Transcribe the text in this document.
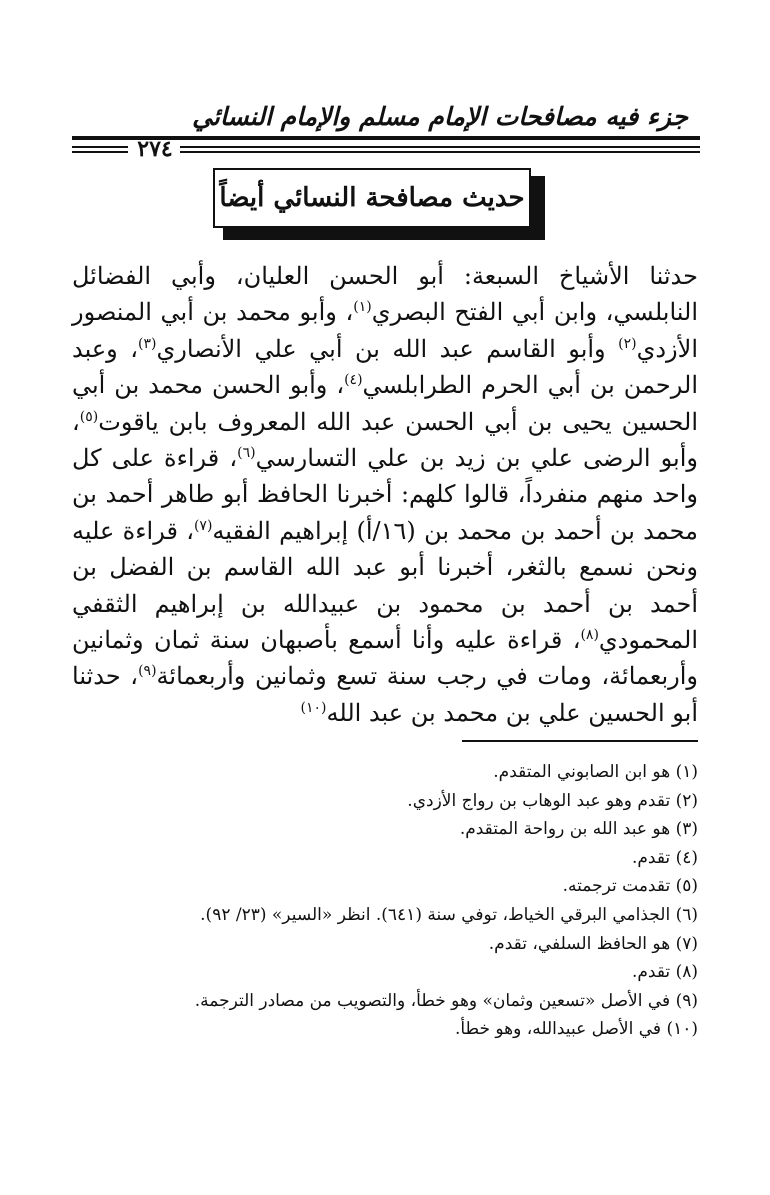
جزء فيه مصافحات الإمام مسلم والإمام النسائي
٢٧٤
حديث مصافحة النسائي أيضاً
حدثنا الأشياخ السبعة: أبو الحسن العليان، وأبي الفضائل النابلسي، وابن أبي الفتح البصري$^{(١)}$، وأبو محمد بن أبي المنصور الأزدي$^{(٢)}$ وأبو القاسم عبد الله بن أبي علي الأنصاري$^{(٣)}$، وعبد الرحمن بن أبي الحرم الطرابلسي$^{(٤)}$، وأبو الحسن محمد بن أبي الحسين يحيى بن أبي الحسن عبد الله المعروف بابن ياقوت$^{(٥)}$، وأبو الرضى علي بن زيد بن علي التسارسي$^{(٦)}$، قراءة على كل واحد منهم منفرداً، قالوا كلهم: أخبرنا الحافظ أبو طاهر أحمد بن محمد بن أحمد بن محمد بن (١٦/أ) إبراهيم الفقيه$^{(٧)}$، قراءة عليه ونحن نسمع بالثغر، أخبرنا أبو عبد الله القاسم بن الفضل بن أحمد بن أحمد بن محمود بن عبيدالله بن إبراهيم الثقفي المحمودي$^{(٨)}$، قراءة عليه وأنا أسمع بأصبهان سنة ثمان وثمانين وأربعمائة، ومات في رجب سنة تسع وثمانين وأربعمائة$^{(٩)}$، حدثنا أبو الحسين علي بن محمد بن عبد الله$^{(١٠)}$
(١) هو ابن الصابوني المتقدم.
(٢) تقدم وهو عبد الوهاب بن رواج الأزدي.
(٣) هو عبد الله بن رواحة المتقدم.
(٤) تقدم.
(٥) تقدمت ترجمته.
(٦) الجذامي البرقي الخياط، توفي سنة (٦٤١). انظر «السير» (٢٣/ ٩٢).
(٧) هو الحافظ السلفي، تقدم.
(٨) تقدم.
(٩) في الأصل «تسعين وثمان» وهو خطأ، والتصويب من مصادر الترجمة.
(١٠) في الأصل عبيدالله، وهو خطأ.
